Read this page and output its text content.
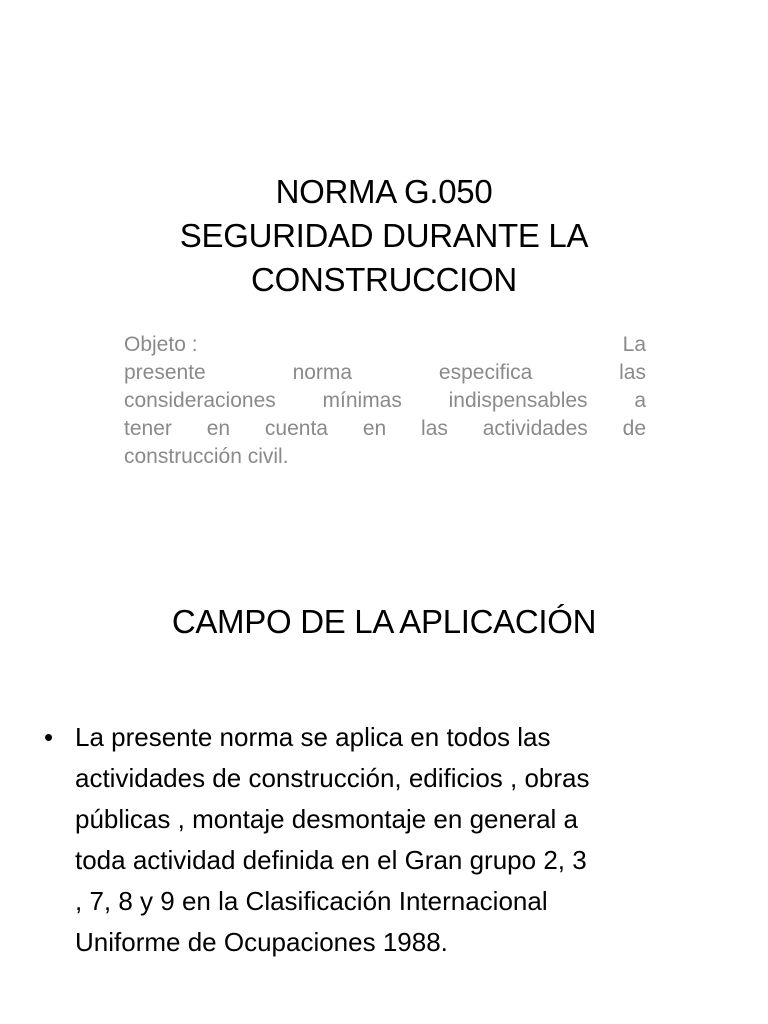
NORMA G.050
SEGURIDAD DURANTE LA
CONSTRUCCION
Objeto :	La
presente	norma	especifica	las
consideraciones mínimas indispensables a
tener en cuenta en las actividades de
construcción civil.
CAMPO DE LA APLICACIÓN
• La presente norma se aplica en todos las
actividades de construcción, edificios , obras
públicas , montaje desmontaje en general a
toda actividad definida en el Gran grupo 2, 3
, 7, 8 y 9 en la Clasificación Internacional
Uniforme de Ocupaciones 1988.
